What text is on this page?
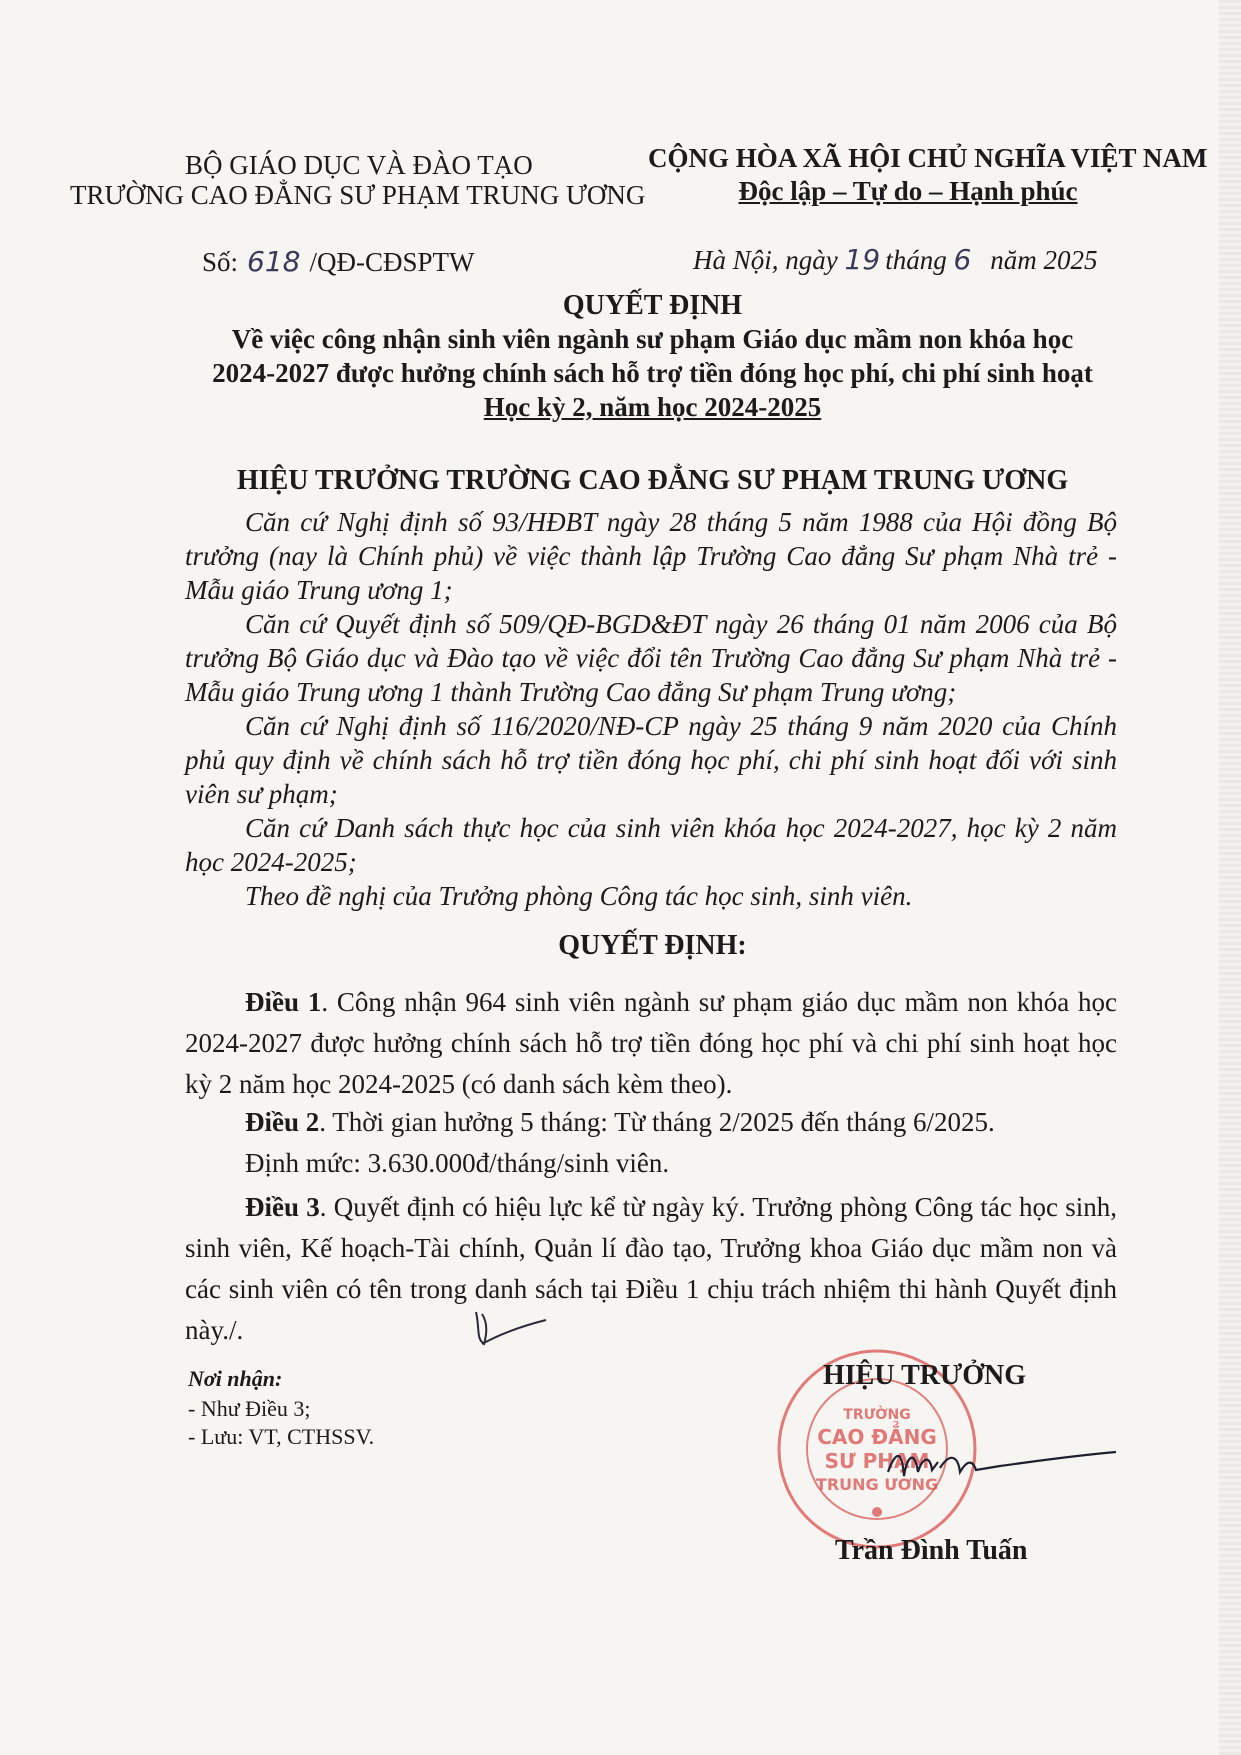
BỘ GIÁO DỤC VÀ ĐÀO TẠO
TRƯỜNG CAO ĐẲNG SƯ PHẠM TRUNG ƯƠNG
CỘNG HÒA XÃ HỘI CHỦ NGHĨA VIỆT NAM
Độc lập – Tự do – Hạnh phúc
Số: 618 /QĐ-CĐSPTW	Hà Nội, ngày 19 tháng 6 năm 2025
QUYẾT ĐỊNH
Về việc công nhận sinh viên ngành sư phạm Giáo dục mầm non khóa học
2024-2027 được hưởng chính sách hỗ trợ tiền đóng học phí, chi phí sinh hoạt
Học kỳ 2, năm học 2024-2025
HIỆU TRƯỞNG TRƯỜNG CAO ĐẲNG SƯ PHẠM TRUNG ƯƠNG
Căn cứ Nghị định số 93/HĐBT ngày 28 tháng 5 năm 1988 của Hội đồng Bộ trưởng (nay là Chính phủ) về việc thành lập Trường Cao đẳng Sư phạm Nhà trẻ - Mẫu giáo Trung ương 1;
Căn cứ Quyết định số 509/QĐ-BGD&ĐT ngày 26 tháng 01 năm 2006 của Bộ trưởng Bộ Giáo dục và Đào tạo về việc đổi tên Trường Cao đẳng Sư phạm Nhà trẻ - Mẫu giáo Trung ương 1 thành Trường Cao đẳng Sư phạm Trung ương;
Căn cứ Nghị định số 116/2020/NĐ-CP ngày 25 tháng 9 năm 2020 của Chính phủ quy định về chính sách hỗ trợ tiền đóng học phí, chi phí sinh hoạt đối với sinh viên sư phạm;
Căn cứ Danh sách thực học của sinh viên khóa học 2024-2027, học kỳ 2 năm học 2024-2025;
Theo đề nghị của Trưởng phòng Công tác học sinh, sinh viên.
QUYẾT ĐỊNH:
Điều 1. Công nhận 964 sinh viên ngành sư phạm giáo dục mầm non khóa học 2024-2027 được hưởng chính sách hỗ trợ tiền đóng học phí và chi phí sinh hoạt học kỳ 2 năm học 2024-2025 (có danh sách kèm theo).
Điều 2. Thời gian hưởng 5 tháng: Từ tháng 2/2025 đến tháng 6/2025.
Định mức: 3.630.000đ/tháng/sinh viên.
Điều 3. Quyết định có hiệu lực kể từ ngày ký. Trưởng phòng Công tác học sinh, sinh viên, Kế hoạch-Tài chính, Quản lí đào tạo, Trưởng khoa Giáo dục mầm non và các sinh viên có tên trong danh sách tại Điều 1 chịu trách nhiệm thi hành Quyết định này./.
Nơi nhận:
- Như Điều 3;
- Lưu: VT, CTHSSV.
TRƯỜNG
CAO ĐẲNG
SƯ PHẠM
TRUNG ƯƠNG
HIỆU TRƯỞNG
Trần Đình Tuấn
